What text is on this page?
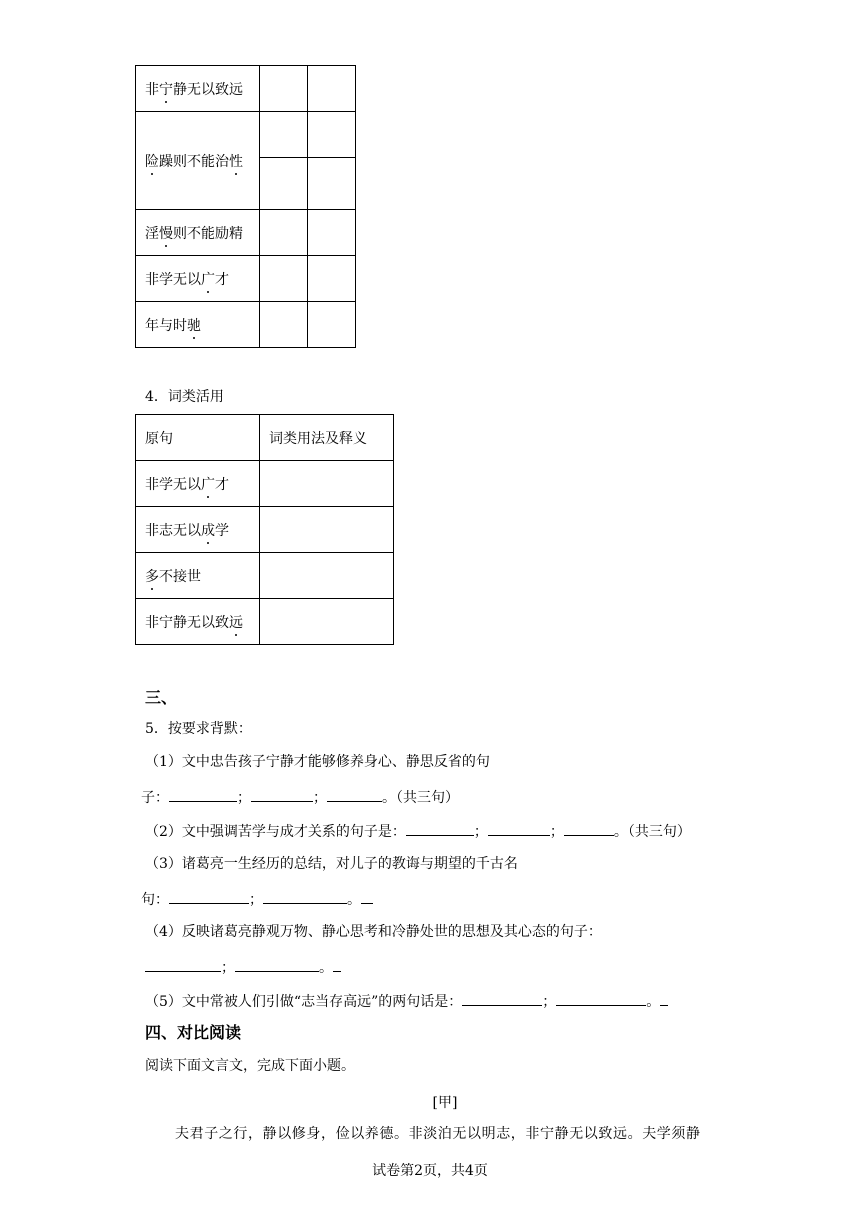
非宁静无以致远		
险躁则不能治性		

淫慢则不能励精		
非学无以广才		
年与时驰		
4．词类活用
原句	词类用法及释义
非学无以广才	
非志无以成学	
多不接世	
非宁静无以致远	
三、
5．按要求背默：
（1）文中忠告孩子宁静才能够修养身心、静思反省的句
子：	；	；	。（共三句）
（2）文中强调苦学与成才关系的句子是：	；	；	。（共三句）
（3）诸葛亮一生经历的总结，对儿子的教诲与期望的千古名
句：	；	。
（4）反映诸葛亮静观万物、静心思考和冷静处世的思想及其心态的句子：
；	。
（5）文中常被人们引做“志当存高远”的两句话是：	；	。
四、对比阅读
阅读下面文言文，完成下面小题。
[甲]
夫君子之行，静以修身，俭以养德。非淡泊无以明志，非宁静无以致远。夫学须静
试卷第2页，共4页
